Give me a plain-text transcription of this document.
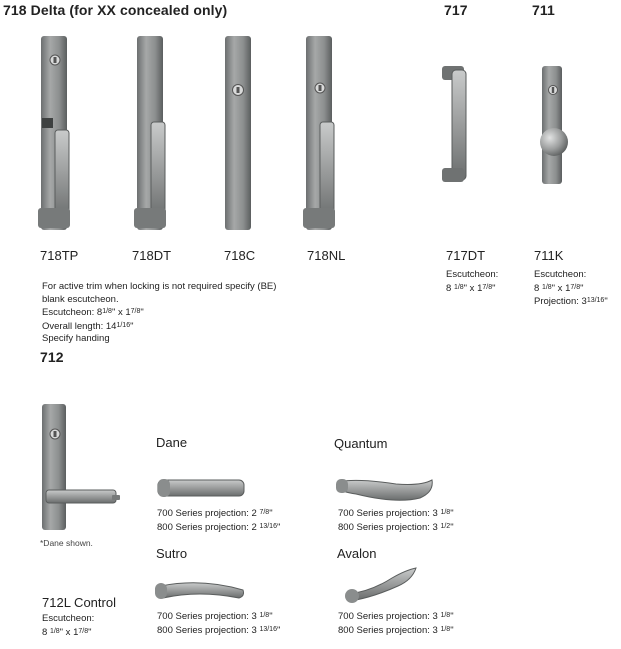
718 Delta (for XX concealed only)	717	711
712
718TP	718DT	718C	718NL	717DT	711K
For active trim when locking is not required specify (BE)
blank escutcheon.
Escutcheon: $8^{1/8}$" x $1^{7/8}$"
Overall length: $14^{1/16}$"
Specify handing
Escutcheon:
8 $^{1/8}$" x $1^{7/8}$"
Escutcheon:
8 $^{1/8}$" x $1^{7/8}$"
Projection: $3^{13/16}$"
*Dane shown.
712L Control
Escutcheon:
8 $^{1/8}$" x $1^{7/8}$"
Dane
700 Series projection: 2 $^{7/8}$"
800 Series projection: 2 $^{13/16}$"
Quantum
700 Series projection: 3 $^{1/8}$"
800 Series projection: 3 $^{1/2}$"
Sutro
700 Series projection: 3 $^{1/8}$"
800 Series projection: 3 $^{13/16}$"
Avalon
700 Series projection: 3 $^{1/8}$"
800 Series projection: 3 $^{1/8}$"
